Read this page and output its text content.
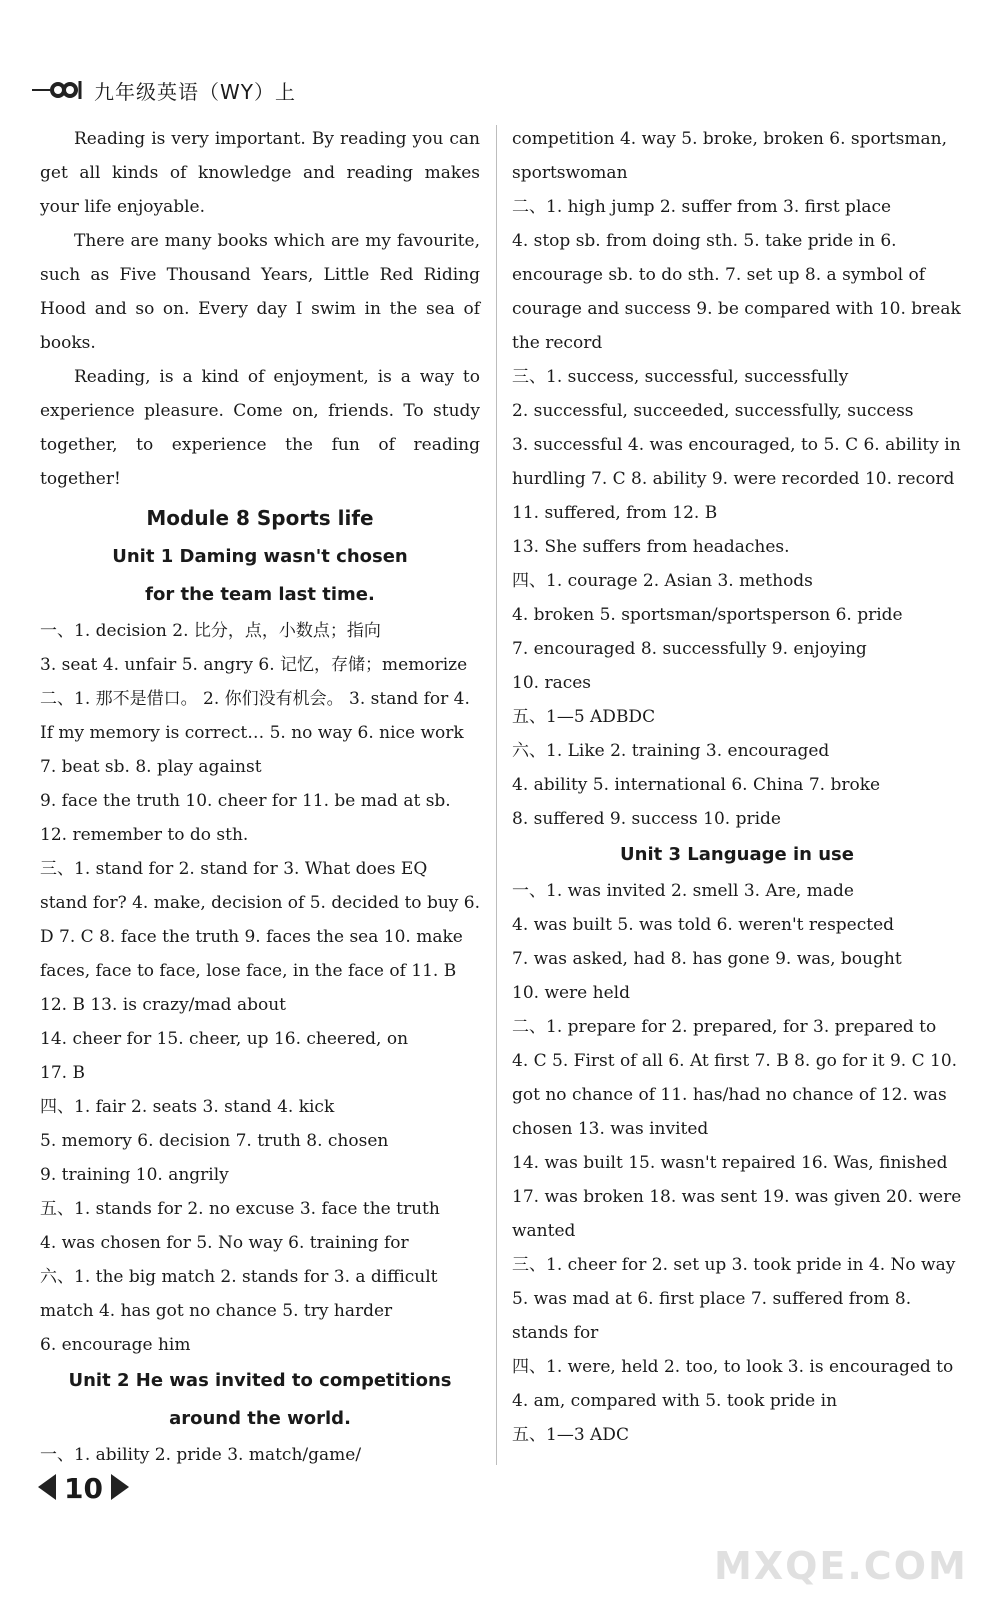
九年级英语（WY）上

Reading is very important. By reading you can get all kinds of knowledge and reading makes your life enjoyable.

There are many books which are my favourite, such as Five Thousand Years, Little Red Riding Hood and so on. Every day I swim in the sea of books.

Reading, is a kind of enjoyment, is a way to experience pleasure. Come on, friends. To study together, to experience the fun of reading together!

Module 8 Sports life

Unit 1 Daming wasn't chosen

for the team last time.

一、1. decision 2. 比分，点，小数点；指向

3. seat 4. unfair 5. angry 6. 记忆，存储；memorize

二、1. 那不是借口。 2. 你们没有机会。 3. stand for 4. If my memory is correct… 5. no way 6. nice work 7. beat sb. 8. play against

9. face the truth 10. cheer for 11. be mad at sb. 12. remember to do sth.

三、1. stand for 2. stand for 3. What does EQ stand for? 4. make, decision of 5. decided to buy 6. D 7. C 8. face the truth 9. faces the sea 10. make faces, face to face, lose face, in the face of 11. B 12. B 13. is crazy/mad about

14. cheer for 15. cheer, up 16. cheered, on

17. B

四、1. fair 2. seats 3. stand 4. kick

5. memory 6. decision 7. truth 8. chosen

9. training 10. angrily

五、1. stands for 2. no excuse 3. face the truth

4. was chosen for 5. No way 6. training for

六、1. the big match 2. stands for 3. a difficult match 4. has got no chance 5. try harder

6. encourage him

Unit 2 He was invited to competitions

around the world.

一、1. ability 2. pride 3. match/game/

competition 4. way 5. broke, broken 6. sportsman, sportswoman

二、1. high jump 2. suffer from 3. first place

4. stop sb. from doing sth. 5. take pride in 6. encourage sb. to do sth. 7. set up 8. a symbol of courage and success 9. be compared with 10. break the record

三、1. success, successful, successfully

2. successful, succeeded, successfully, success

3. successful 4. was encouraged, to 5. C 6. ability in hurdling 7. C 8. ability 9. were recorded 10. record 11. suffered, from 12. B

13. She suffers from headaches.

四、1. courage 2. Asian 3. methods

4. broken 5. sportsman/sportsperson 6. pride

7. encouraged 8. successfully 9. enjoying

10. races

五、1—5 ADBDC

六、1. Like 2. training 3. encouraged

4. ability 5. international 6. China 7. broke

8. suffered 9. success 10. pride

Unit 3 Language in use

一、1. was invited 2. smell 3. Are, made

4. was built 5. was told 6. weren't respected

7. was asked, had 8. has gone 9. was, bought

10. were held

二、1. prepare for 2. prepared, for 3. prepared to

4. C 5. First of all 6. At first 7. B 8. go for it 9. C 10. got no chance of 11. has/had no chance of 12. was chosen 13. was invited

14. was built 15. wasn't repaired 16. Was, finished 17. was broken 18. was sent 19. was given 20. were wanted

三、1. cheer for 2. set up 3. took pride in 4. No way 5. was mad at 6. first place 7. suffered from 8. stands for

四、1. were, held 2. too, to look 3. is encouraged to 4. am, compared with 5. took pride in

五、1—3 ADC

10
MXQE.COM
